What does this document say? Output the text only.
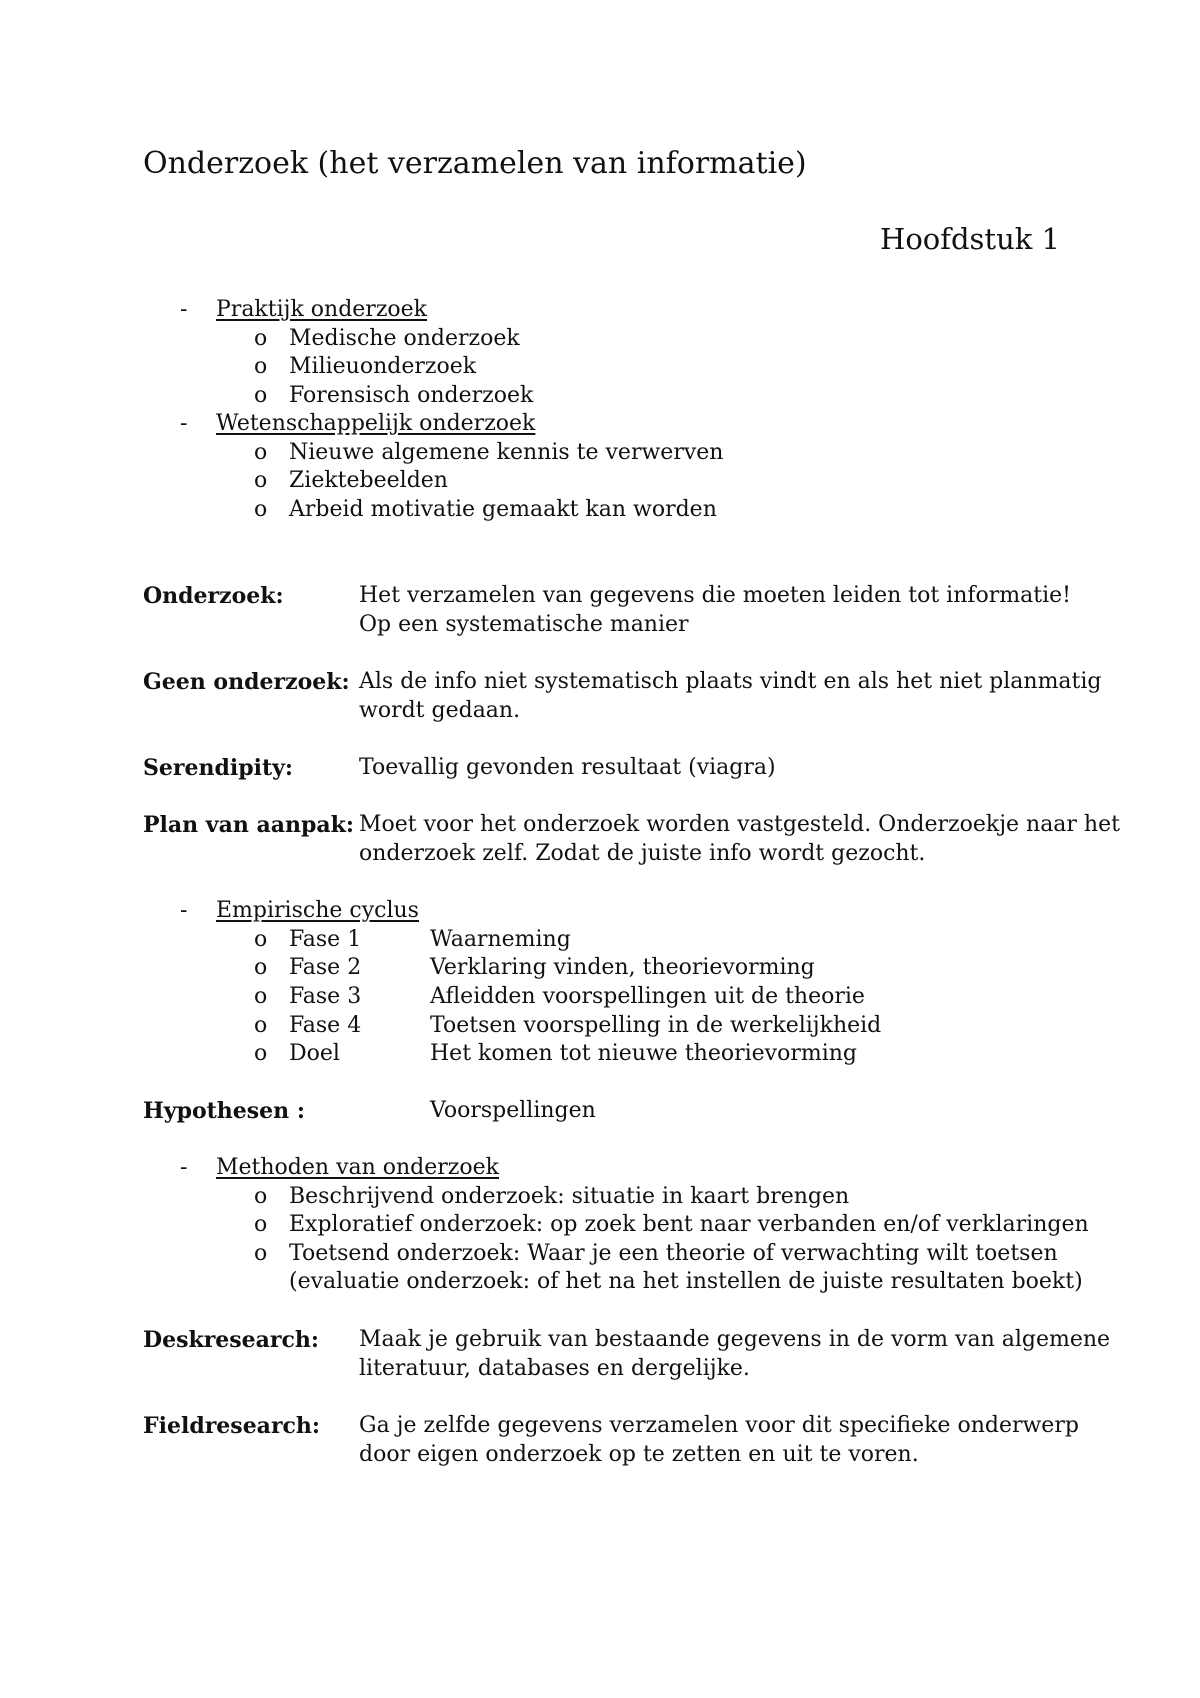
Onderzoek (het verzamelen van informatie)
Hoofdstuk 1
- Praktijk onderzoek
o Medische onderzoek
o Milieuonderzoek
o Forensisch onderzoek
- Wetenschappelijk onderzoek
o Nieuwe algemene kennis te verwerven
o Ziektebeelden
o Arbeid motivatie gemaakt kan worden
Onderzoek:	Het verzamelen van gegevens die moeten leiden tot informatie!
Op een systematische manier
Geen onderzoek: Als de info niet systematisch plaats vindt en als het niet planmatig
wordt gedaan.
Serendipity:	Toevallig gevonden resultaat (viagra)
Plan van aanpak: Moet voor het onderzoek worden vastgesteld. Onderzoekje naar het
onderzoek zelf. Zodat de juiste info wordt gezocht.
- Empirische cyclus
o Fase 1	Waarneming
o Fase 2	Verklaring vinden, theorievorming
o Fase 3	Afleidden voorspellingen uit de theorie
o Fase 4	Toetsen voorspelling in de werkelijkheid
o Doel	Het komen tot nieuwe theorievorming
Hypothesen :	Voorspellingen
- Methoden van onderzoek
o Beschrijvend onderzoek: situatie in kaart brengen
o Exploratief onderzoek: op zoek bent naar verbanden en/of verklaringen
o Toetsend onderzoek: Waar je een theorie of verwachting wilt toetsen
(evaluatie onderzoek: of het na het instellen de juiste resultaten boekt)
Deskresearch: Maak je gebruik van bestaande gegevens in de vorm van algemene
literatuur, databases en dergelijke.
Fieldresearch: Ga je zelfde gegevens verzamelen voor dit specifieke onderwerp
door eigen onderzoek op te zetten en uit te voren.
